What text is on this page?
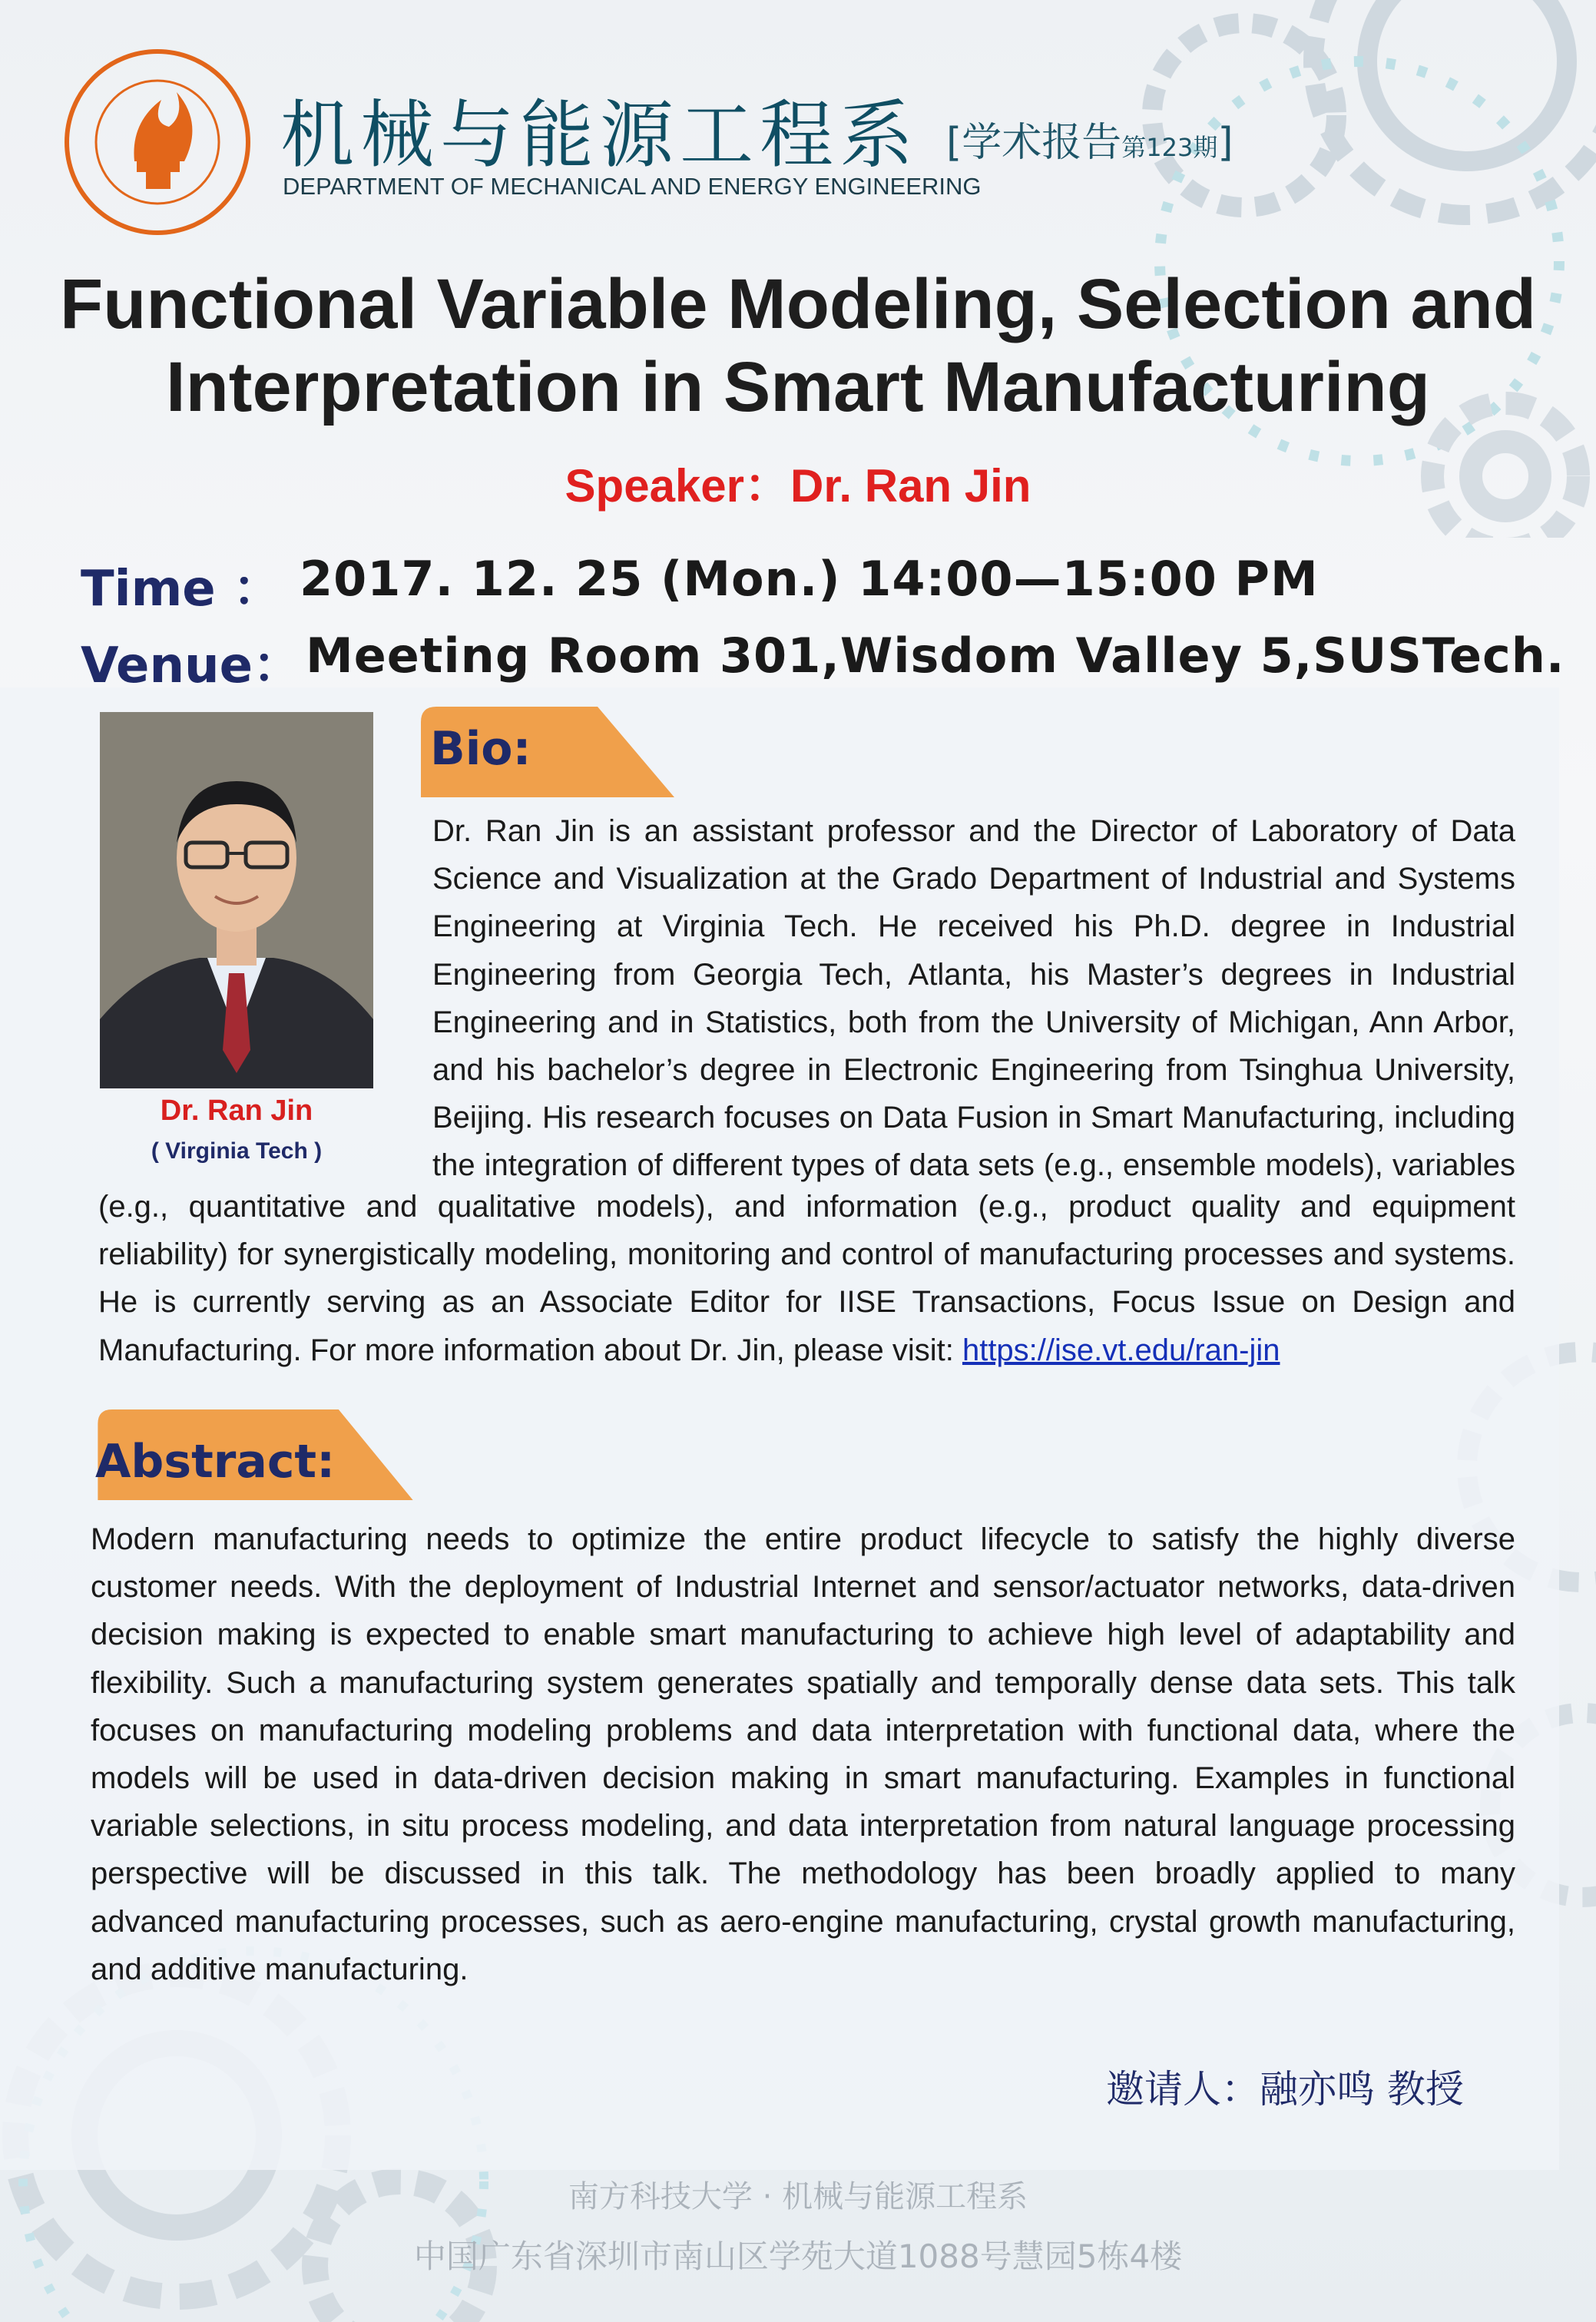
机械与能源工程系 [学术报告第123期]
DEPARTMENT OF MECHANICAL AND ENERGY ENGINEERING
Functional Variable Modeling, Selection and
Interpretation in Smart Manufacturing
Speaker：Dr. Ran Jin
Time ： 2017. 12. 25 (Mon.) 14:00—15:00 PM
Venue： Meeting Room 301,Wisdom Valley 5,SUSTech.
Dr. Ran Jin
( Virginia Tech )
Bio:
Dr. Ran Jin is an assistant professor and the Director of Laboratory of Data
Science and Visualization at the Grado Department of Industrial and Systems
Engineering at Virginia Tech. He received his Ph.D. degree in Industrial
Engineering from Georgia Tech, Atlanta, his Master’s degrees in Industrial
Engineering and in Statistics, both from the University of Michigan, Ann Arbor,
and his bachelor’s degree in Electronic Engineering from Tsinghua University,
Beijing. His research focuses on Data Fusion in Smart Manufacturing, including
the integration of different types of data sets (e.g., ensemble models), variables
(e.g., quantitative and qualitative models), and information (e.g., product quality and equipment
reliability) for synergistically modeling, monitoring and control of manufacturing processes and systems.
He is currently serving as an Associate Editor for IISE Transactions, Focus Issue on Design and
Manufacturing. For more information about Dr. Jin, please visit: https://ise.vt.edu/ran-jin
Abstract:
Modern manufacturing needs to optimize the entire product lifecycle to satisfy the highly diverse
customer needs. With the deployment of Industrial Internet and sensor/actuator networks, data-driven
decision making is expected to enable smart manufacturing to achieve high level of adaptability and
flexibility. Such a manufacturing system generates spatially and temporally dense data sets. This talk
focuses on manufacturing modeling problems and data interpretation with functional data, where the
models will be used in data-driven decision making in smart manufacturing. Examples in functional
variable selections, in situ process modeling, and data interpretation from natural language processing
perspective will be discussed in this talk. The methodology has been broadly applied to many
advanced manufacturing processes, such as aero-engine manufacturing, crystal growth manufacturing,
and additive manufacturing.
邀请人：融亦鸣 教授
南方科技大学 · 机械与能源工程系
中国广东省深圳市南山区学苑大道1088号慧园5栋4楼
